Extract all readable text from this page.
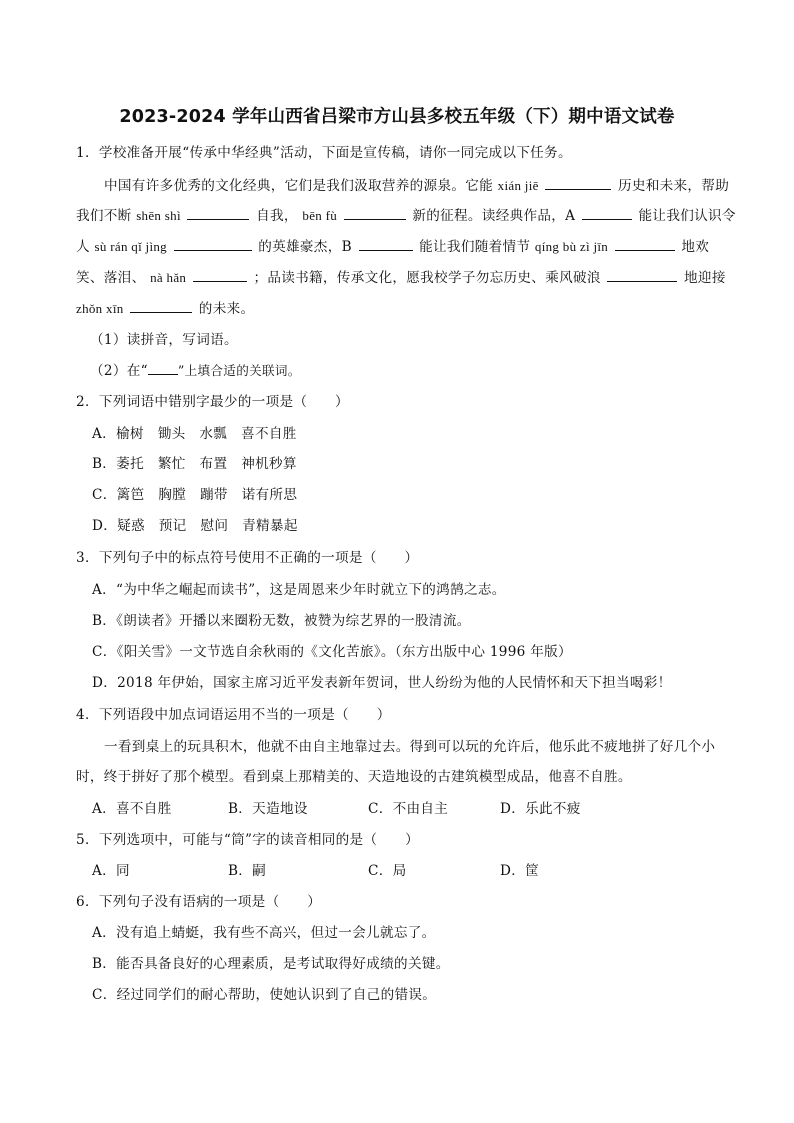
2023-2024 学年山西省吕梁市方山县多校五年级（下）期中语文试卷
1．学校准备开展“传承中华经典”活动，下面是宣传稿，请你一同完成以下任务。
中国有许多优秀的文化经典，它们是我们汲取营养的源泉。它能 xián jiē	历史和未来，帮助
我们不断 shēn shì	自我， bēn fù	新的征程。读经典作品，A	能让我们认识令
人 sù rán qǐ jìng	的英雄豪杰，B	能让我们随着情节 qíng bù zì jīn	地欢
笑、落泪、 nà hǎn	；品读书籍，传承文化，愿我校学子勿忘历史、乘风破浪	地迎接
zhǒn xīn	的未来。
（1）读拼音，写词语。
（2）在“ ”上填合适的关联词。
2．下列词语中错别字最少的一项是（　　）
A．榆树　锄头　水瓢　喜不自胜
B．萎托　繁忙　布置　神机秒算
C．篱笆　胸膛　蹦带　诺有所思
D．疑惑　预记　慰问　青精暴起
3．下列句子中的标点符号使用不正确的一项是（　　）
A．“为中华之崛起而读书”，这是周恩来少年时就立下的鸿鹄之志。
B．《朗读者》开播以来圈粉无数，被赞为综艺界的一股清流。
C．《阳关雪》一文节选自余秋雨的《文化苦旅》。（东方出版中心 1996 年版）
D．2018 年伊始，国家主席习近平发表新年贺词，世人纷纷为他的人民情怀和天下担当喝彩！
4．下列语段中加点词语运用不当的一项是（　　）
一看到桌上的玩具积木，他就不由自主地靠过去。得到可以玩的允许后，他乐此不疲地拼了好几个小
时，终于拼好了那个模型。看到桌上那精美的、天造地设的古建筑模型成品，他喜不自胜。
A．喜不自胜	B．天造地设	C．不由自主	D．乐此不疲
5．下列选项中，可能与“筒”字的读音相同的是（　　）
A．同	B．嗣	C．局	D．筐
6．下列句子没有语病的一项是（　　）
A．没有追上蜻蜓，我有些不高兴，但过一会儿就忘了。
B．能否具备良好的心理素质，是考试取得好成绩的关键。
C．经过同学们的耐心帮助，使她认识到了自己的错误。
